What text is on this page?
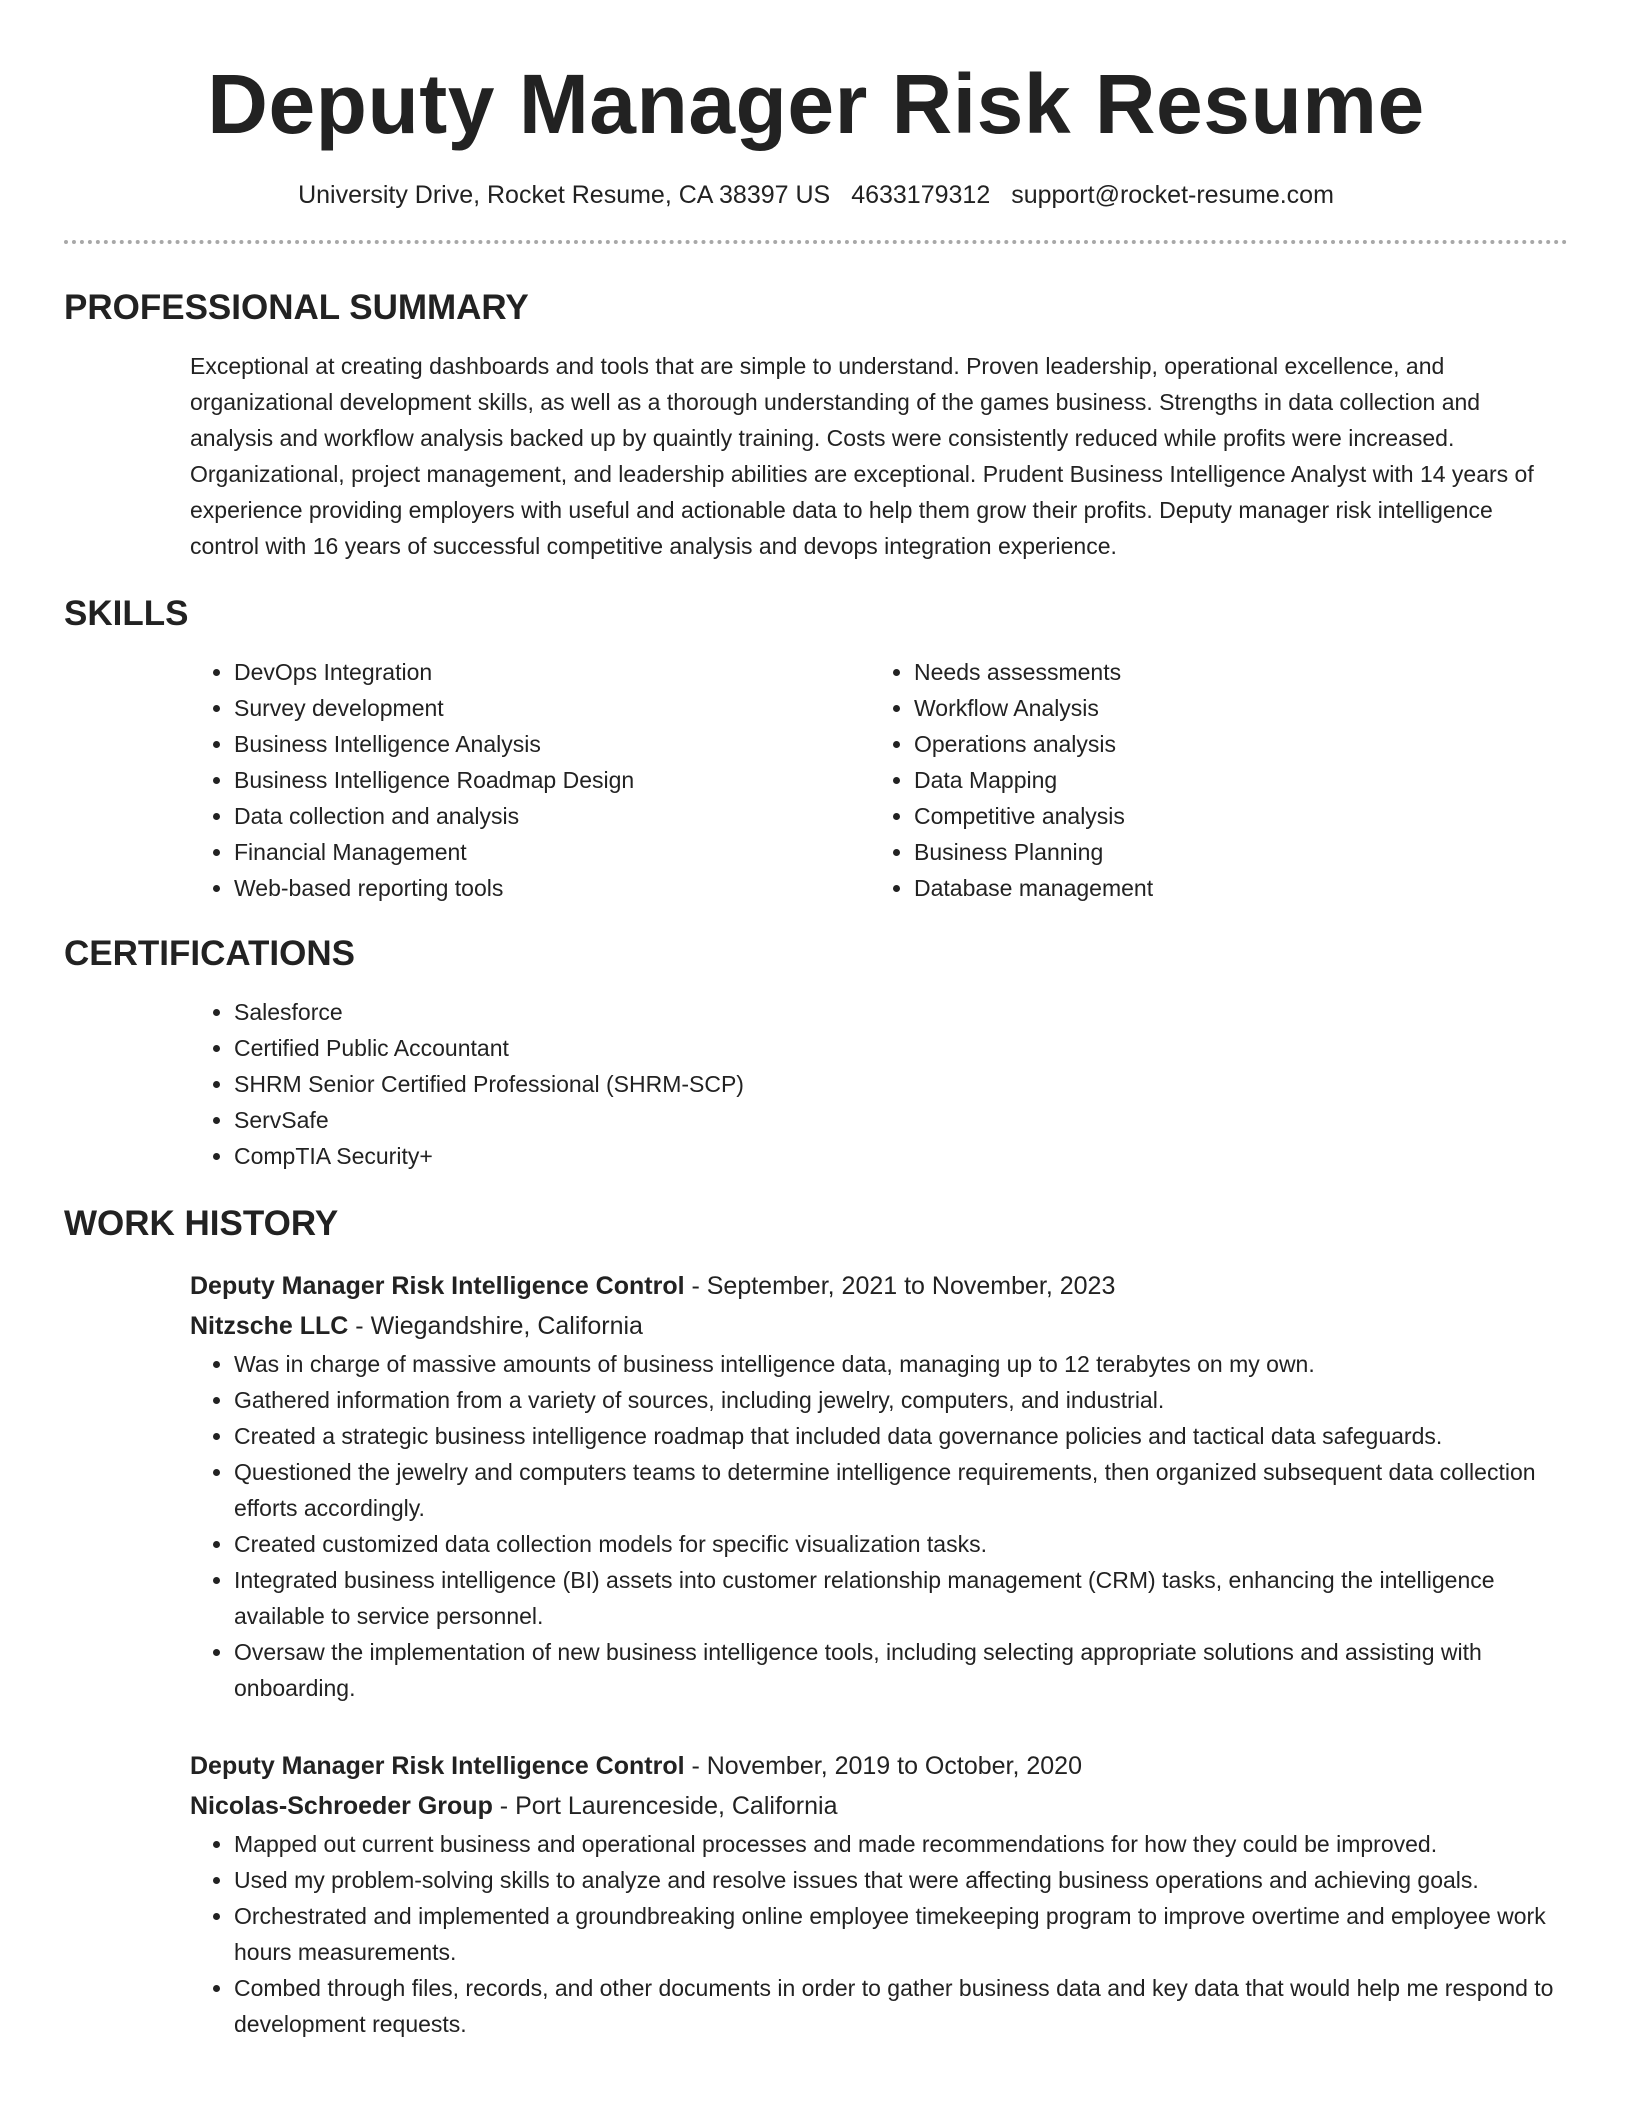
Deputy Manager Risk Resume
University Drive, Rocket Resume, CA 38397 US 4633179312 support@rocket-resume.com
PROFESSIONAL SUMMARY
Exceptional at creating dashboards and tools that are simple to understand. Proven leadership, operational excellence, and organizational development skills, as well as a thorough understanding of the games business. Strengths in data collection and analysis and workflow analysis backed up by quaintly training. Costs were consistently reduced while profits were increased. Organizational, project management, and leadership abilities are exceptional. Prudent Business Intelligence Analyst with 14 years of experience providing employers with useful and actionable data to help them grow their profits. Deputy manager risk intelligence control with 16 years of successful competitive analysis and devops integration experience.
SKILLS
• DevOps Integration
• Survey development
• Business Intelligence Analysis
• Business Intelligence Roadmap Design
• Data collection and analysis
• Financial Management
• Web-based reporting tools
• Needs assessments
• Workflow Analysis
• Operations analysis
• Data Mapping
• Competitive analysis
• Business Planning
• Database management
CERTIFICATIONS
• Salesforce
• Certified Public Accountant
• SHRM Senior Certified Professional (SHRM-SCP)
• ServSafe
• CompTIA Security+
WORK HISTORY
Deputy Manager Risk Intelligence Control - September, 2021 to November, 2023
Nitzsche LLC - Wiegandshire, California
• Was in charge of massive amounts of business intelligence data, managing up to 12 terabytes on my own.
• Gathered information from a variety of sources, including jewelry, computers, and industrial.
• Created a strategic business intelligence roadmap that included data governance policies and tactical data safeguards.
• Questioned the jewelry and computers teams to determine intelligence requirements, then organized subsequent data collection efforts accordingly.
• Created customized data collection models for specific visualization tasks.
• Integrated business intelligence (BI) assets into customer relationship management (CRM) tasks, enhancing the intelligence available to service personnel.
• Oversaw the implementation of new business intelligence tools, including selecting appropriate solutions and assisting with onboarding.
Deputy Manager Risk Intelligence Control - November, 2019 to October, 2020
Nicolas-Schroeder Group - Port Laurenceside, California
• Mapped out current business and operational processes and made recommendations for how they could be improved.
• Used my problem-solving skills to analyze and resolve issues that were affecting business operations and achieving goals.
• Orchestrated and implemented a groundbreaking online employee timekeeping program to improve overtime and employee work hours measurements.
• Combed through files, records, and other documents in order to gather business data and key data that would help me respond to development requests.
